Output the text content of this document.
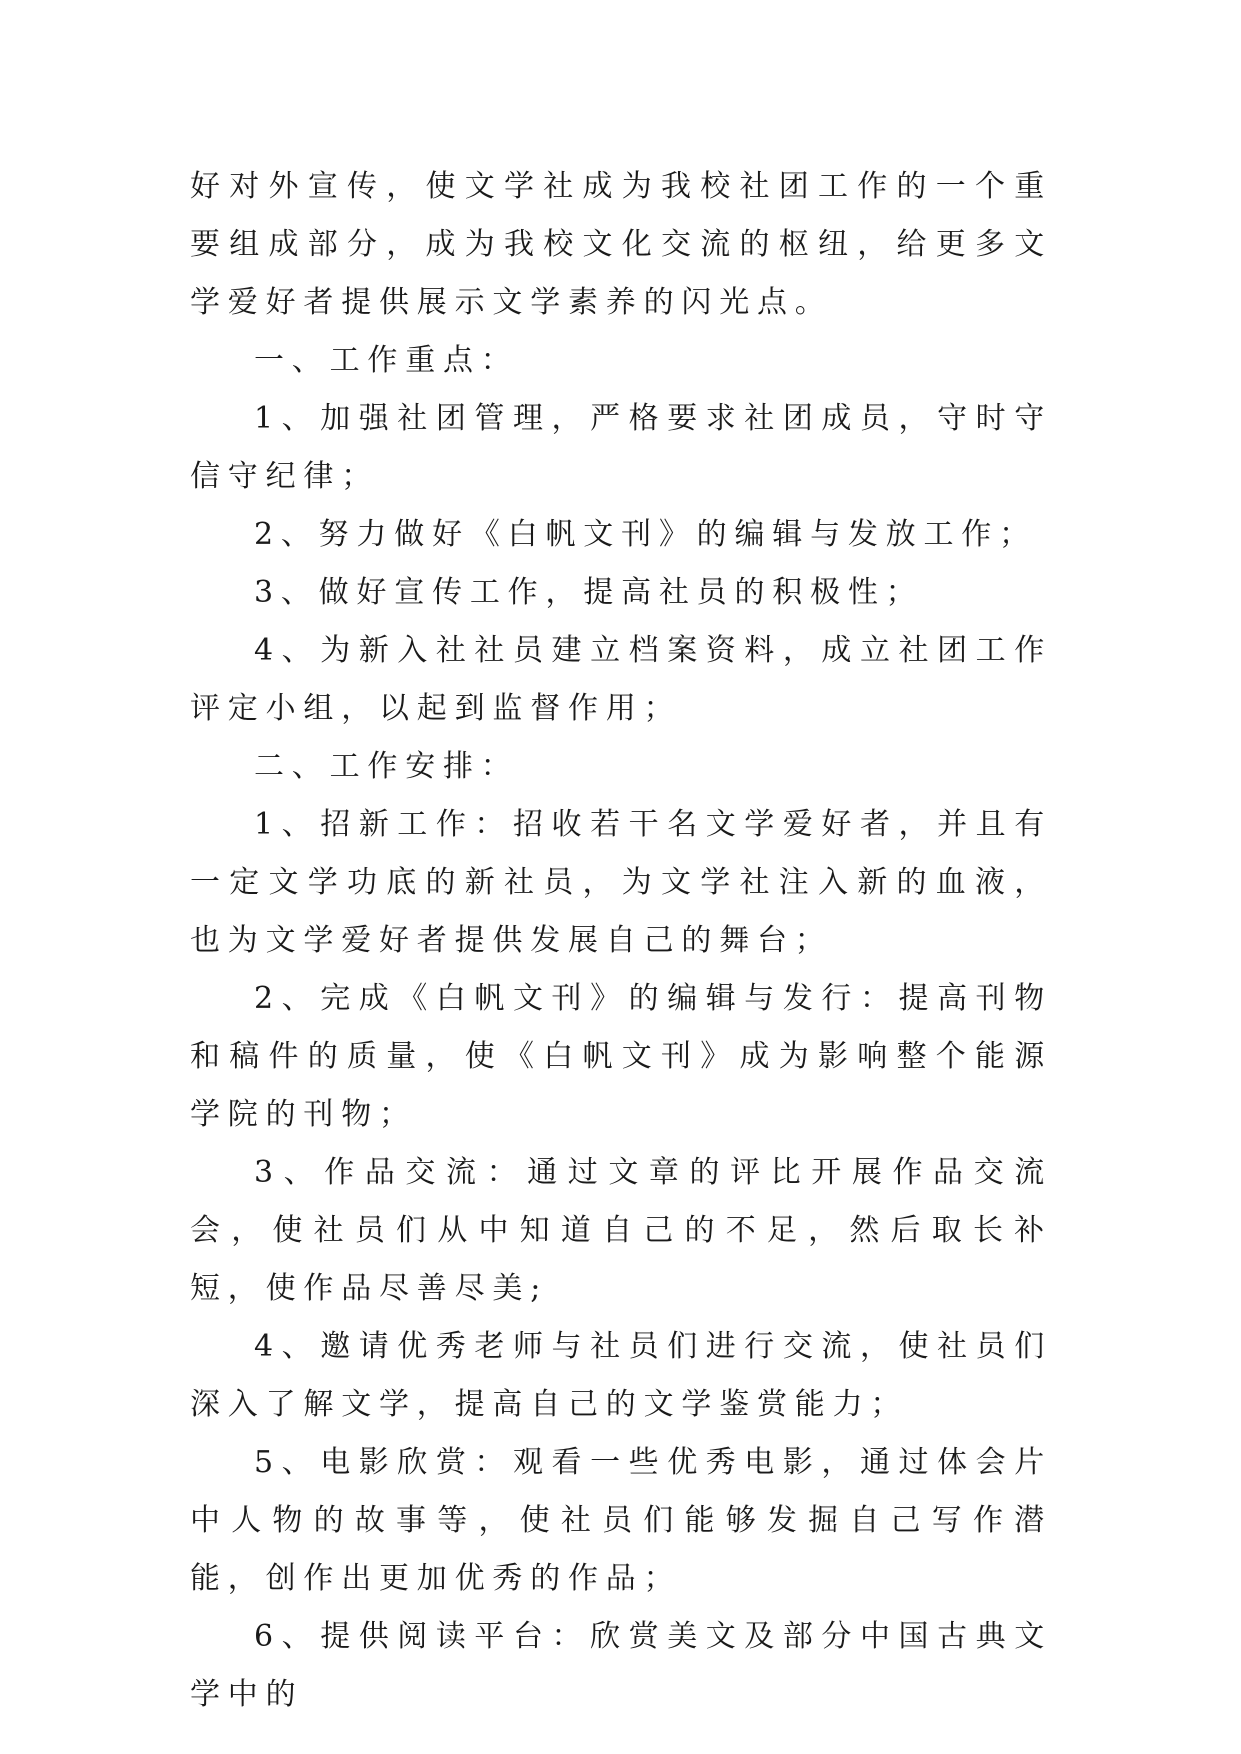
好对外宣传，使文学社成为我校社团工作的一个重要组成部分，成为我校文化交流的枢纽，给更多文学爱好者提供展示文学素养的闪光点。

一、工作重点：

1、加强社团管理，严格要求社团成员，守时守信守纪律；

2、努力做好《白帆文刊》的编辑与发放工作；

3、做好宣传工作，提高社员的积极性；

4、为新入社社员建立档案资料，成立社团工作评定小组，以起到监督作用；

二、工作安排：

1、招新工作：招收若干名文学爱好者，并且有一定文学功底的新社员，为文学社注入新的血液，也为文学爱好者提供发展自己的舞台；

2、完成《白帆文刊》的编辑与发行：提高刊物和稿件的质量，使《白帆文刊》成为影响整个能源学院的刊物；

3、作品交流：通过文章的评比开展作品交流会，使社员们从中知道自己的不足，然后取长补短，使作品尽善尽美;

4、邀请优秀老师与社员们进行交流，使社员们深入了解文学，提高自己的文学鉴赏能力；

5、电影欣赏：观看一些优秀电影，通过体会片中人物的故事等，使社员们能够发掘自己写作潜能，创作出更加优秀的作品；

6、提供阅读平台：欣赏美文及部分中国古典文学中的
